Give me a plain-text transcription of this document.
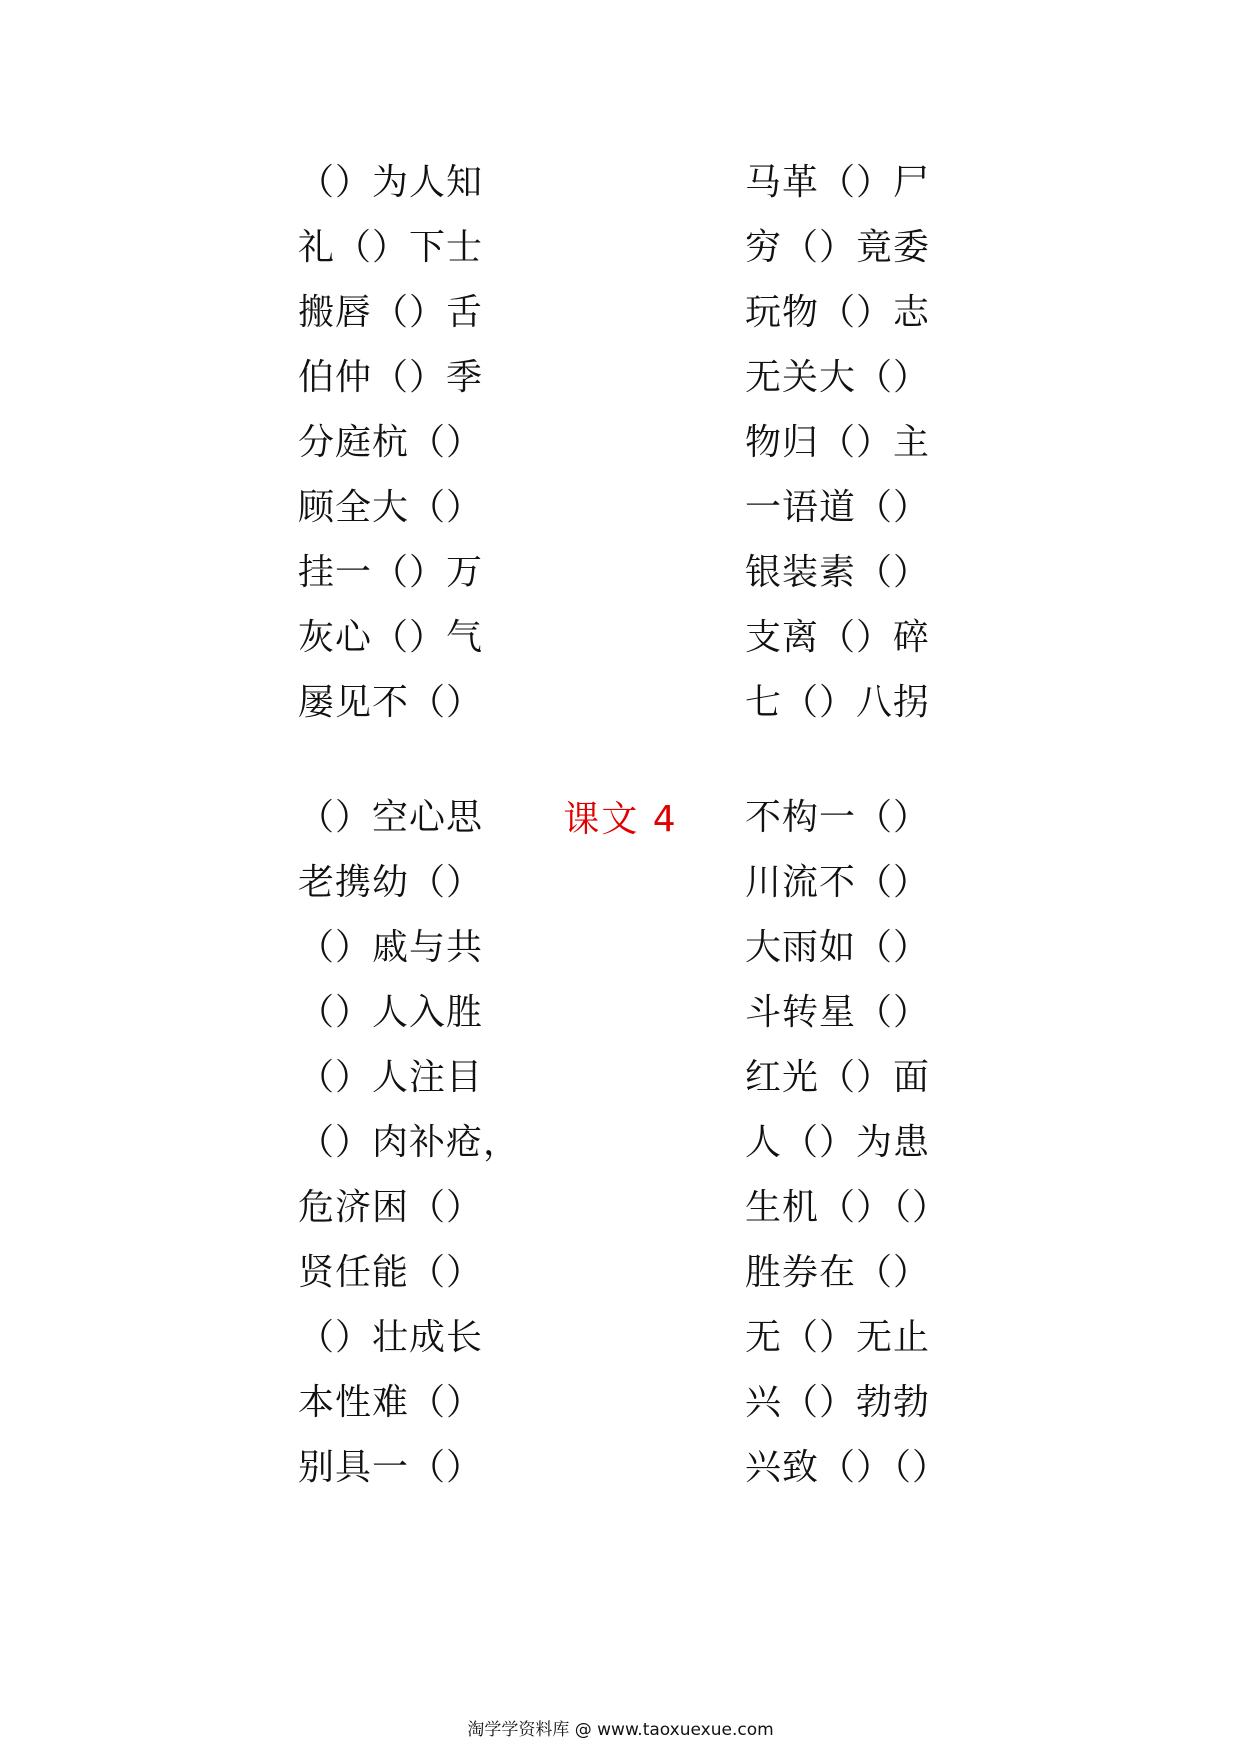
（）为人知
礼（）下士
搬唇（）舌
伯仲（）季
分庭杭（）
顾全大（）
挂一（）万
灰心（）气
屡见不（）
马革（）尸
穷（）竟委
玩物（）志
无关大（）
物归（）主
一语道（）
银装素（）
支离（）碎
七（）八拐
课文 4
（）空心思
老携幼（）
（）戚与共
（）人入胜
（）人注目
（）肉补疮，
危济困（）
贤任能（）
（）壮成长
本性难（）
别具一（）
不构一（）
川流不（）
大雨如（）
斗转星（）
红光（）面
人（）为患
生机（）（）
胜券在（）
无（）无止
兴（）勃勃
兴致（）（）
淘学学资料库 @ www.taoxuexue.com
